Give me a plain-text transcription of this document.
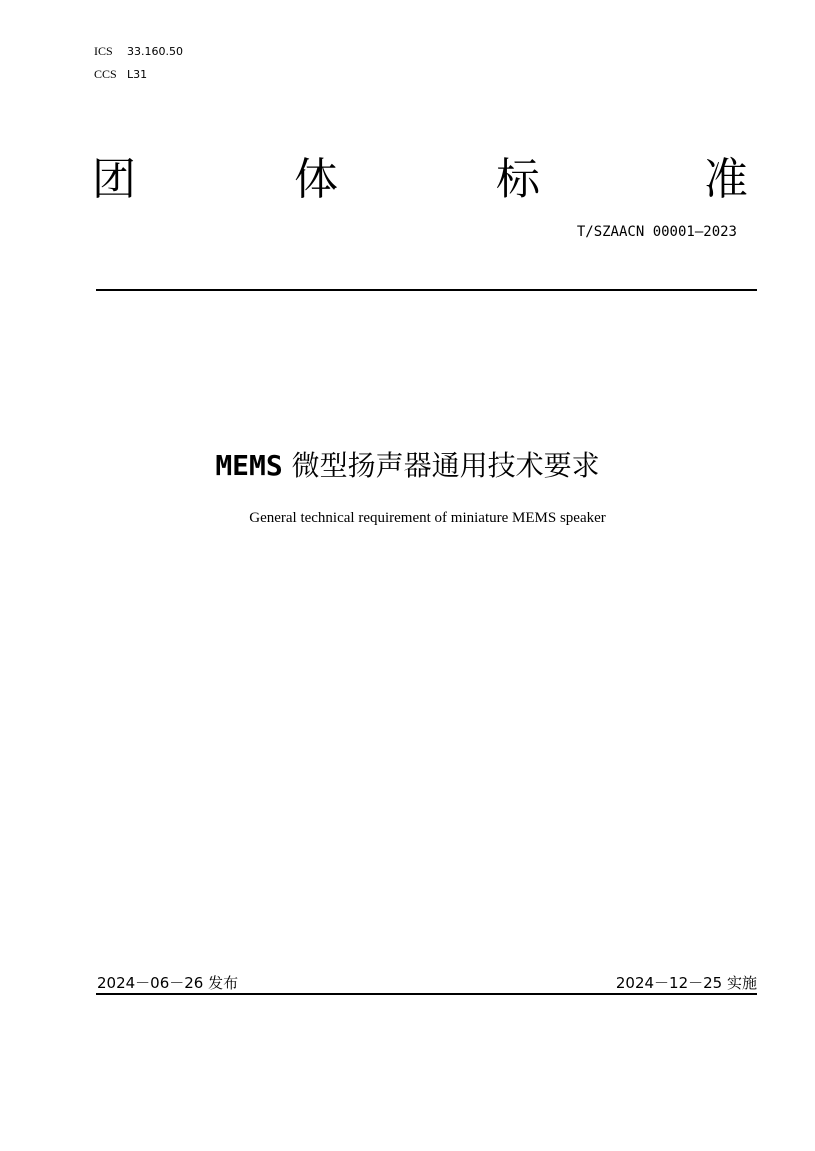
ICS	33.160.50
CCS L31
团	体	标	准
T/SZAACN 00001—2023
MEMS 微型扬声器通用技术要求
General technical requirement of miniature MEMS speaker
2024－06－26 发布	2024－12－25 实施
